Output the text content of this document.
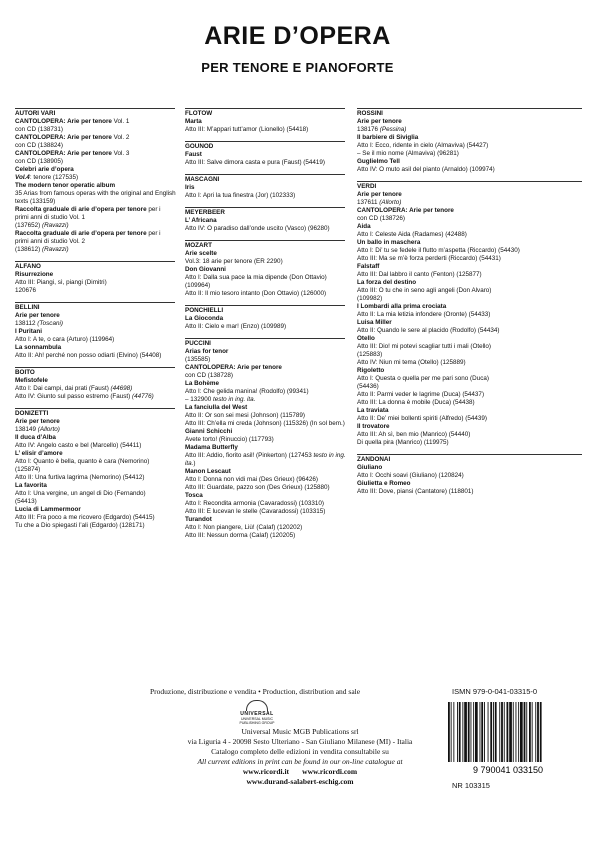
ARIE D’OPERA
PER TENORE E PIANOFORTE
AUTORI VARI
CANTOLOPERA: Arie per tenore Vol. 1
con CD (138731)
CANTOLOPERA: Arie per tenore Vol. 2
con CD (138824)
CANTOLOPERA: Arie per tenore Vol. 3
con CD (138905)
Celebri arie d’opera
Vol.4: tenore (127535)
The modern tenor operatic album
35 Arias from famous operas with the original and English
texts (133159)
Raccolta graduale di arie d’opera per tenore per i
primi anni di studio Vol. 1
(137652) (Ravazzi)
Raccolta graduale di arie d’opera per tenore per i
primi anni di studio Vol. 2
(138612) (Ravazzi)
ALFANO
Risurrezione
Atto III: Piangi, sì, piangi (Dimitri)
120676
BELLINI
Arie per tenore
138112 (Toscani)
I Puritani
Atto I: A te, o cara (Arturo) (119964)
La sonnambula
Atto II: Ah! perché non posso odiarti (Elvino) (54408)
BOITO
Mefistofele
Atto I: Dai campi, dai prati (Faust) (44698)
Atto IV: Giunto sul passo estremo (Faust) (44776)
DONIZETTI
Arie per tenore
138149 (Allorto)
Il duca d’Alba
Atto IV: Angelo casto e bel (Marcello) (54411)
L’ elisir d’amore
Atto I: Quanto è bella, quanto è cara (Nemorino)
(125874)
Atto II: Una furtiva lagrima (Nemorino) (54412)
La favorita
Atto I: Una vergine, un angel di Dio (Fernando)
(54413)
Lucia di Lammermoor
Atto III: Fra poco a me ricovero (Edgardo) (54415)
Tu che a Dio spiegasti l’ali (Edgardo) (128171)
FLOTOW
Marta
Atto III: M’appari tutt’amor (Lionello) (54418)
GOUNOD
Faust
Atto III: Salve dimora casta e pura (Faust) (54419)
MASCAGNI
Iris
Atto I: Apri la tua finestra (Jor) (102333)
MEYERBEER
L’ Africana
Atto IV: O paradiso dall’onde uscito (Vasco) (96280)
MOZART
Arie scelte
Vol.3: 18 arie per tenore (ER 2290)
Don Giovanni
Atto I: Dalla sua pace la mia dipende (Don Ottavio)
(109964)
Atto II: Il mio tesoro intanto (Don Ottavio) (126000)
PONCHIELLI
La Gioconda
Atto II: Cielo e mar! (Enzo) (109989)
PUCCINI
Arias for tenor
(135585)
CANTOLOPERA: Arie per tenore
con CD (138728)
La Bohème
Atto I: Che gelida manina! (Rodolfo) (99341)
– 132900 testo in ing. ita.
La fanciulla del West
Atto II: Or son sei mesi (Johnson) (115789)
Atto III: Ch’ella mi creda (Johnson) (115326) (In sol bem.)
Gianni Schicchi
Avete torto! (Rinuccio) (117793)
Madama Butterfly
Atto III: Addio, fiorito asil! (Pinkerton) (127453 testo in ing.
ita.)
Manon Lescaut
Atto I: Donna non vidi mai (Des Grieux) (96426)
Atto III: Guardate, pazzo son (Des Grieux) (125880)
Tosca
Atto I: Recondita armonia (Cavaradossi) (103310)
Atto III: E lucevan le stelle (Cavaradossi) (103315)
Turandot
Atto I: Non piangere, Liù! (Calaf) (120202)
Atto III: Nessun dorma (Calaf) (120205)
ROSSINI
Arie per tenore
138176 (Pessina)
Il barbiere di Siviglia
Atto I: Ecco, ridente in cielo (Almaviva) (54427)
– Se il mio nome (Almaviva) (96281)
Guglielmo Tell
Atto IV: O muto asil del pianto (Arnaldo) (109974)
VERDI
Arie per tenore
137611 (Allorto)
CANTOLOPERA: Arie per tenore
con CD (138726)
Aida
Atto I: Celeste Aida (Radames) (42488)
Un ballo in maschera
Atto I: Di’ tu se fedele il flutto m’aspetta (Riccardo) (54430)
Atto III: Ma se m’è forza perderti (Riccardo) (54431)
Falstaff
Atto III: Dal labbro il canto (Fenton) (125877)
La forza del destino
Atto III: O tu che in seno agli angeli (Don Alvaro)
(109982)
I Lombardi alla prima crociata
Atto II: La mia letizia infondere (Oronte) (54433)
Luisa Miller
Atto II: Quando le sere al placido (Rodolfo) (54434)
Otello
Atto III: Dio! mi potevi scagliar tutti i mali (Otello)
(125883)
Atto IV: Niun mi tema (Otello) (125889)
Rigoletto
Atto I: Questa o quella per me pari sono (Duca)
(54436)
Atto II: Parmi veder le lagrime (Duca) (54437)
Atto III: La donna è mobile (Duca) (54438)
La traviata
Atto II: De’ miei bollenti spiriti (Alfredo) (54439)
Il trovatore
Atto III: Ah sì, ben mio (Manrico) (54440)
Di quella pira (Manrico) (119975)
ZANDONAI
Giuliano
Atto I: Occhi soavi (Giuliano) (120824)
Giulietta e Romeo
Atto III: Dove, piansi (Cantatore) (118801)
Produzione, distribuzione e vendita • Production, distribution and sale
UNIVERSAL
UNIVERSAL MUSIC PUBLISHING GROUP
Universal Music MGB Publications srl
via Liguria 4 - 20098 Sesto Ulteriano - San Giuliano Milanese (MI) - Italia
Catalogo completo delle edizioni in vendita consultabile su
All current editions in print can be found in our on-line catalogue at
www.ricordi.it       www.ricordi.com
www.durand-salabert-eschig.com
ISMN 979-0-041-03315-0
9 790041 033150
NR 103315
